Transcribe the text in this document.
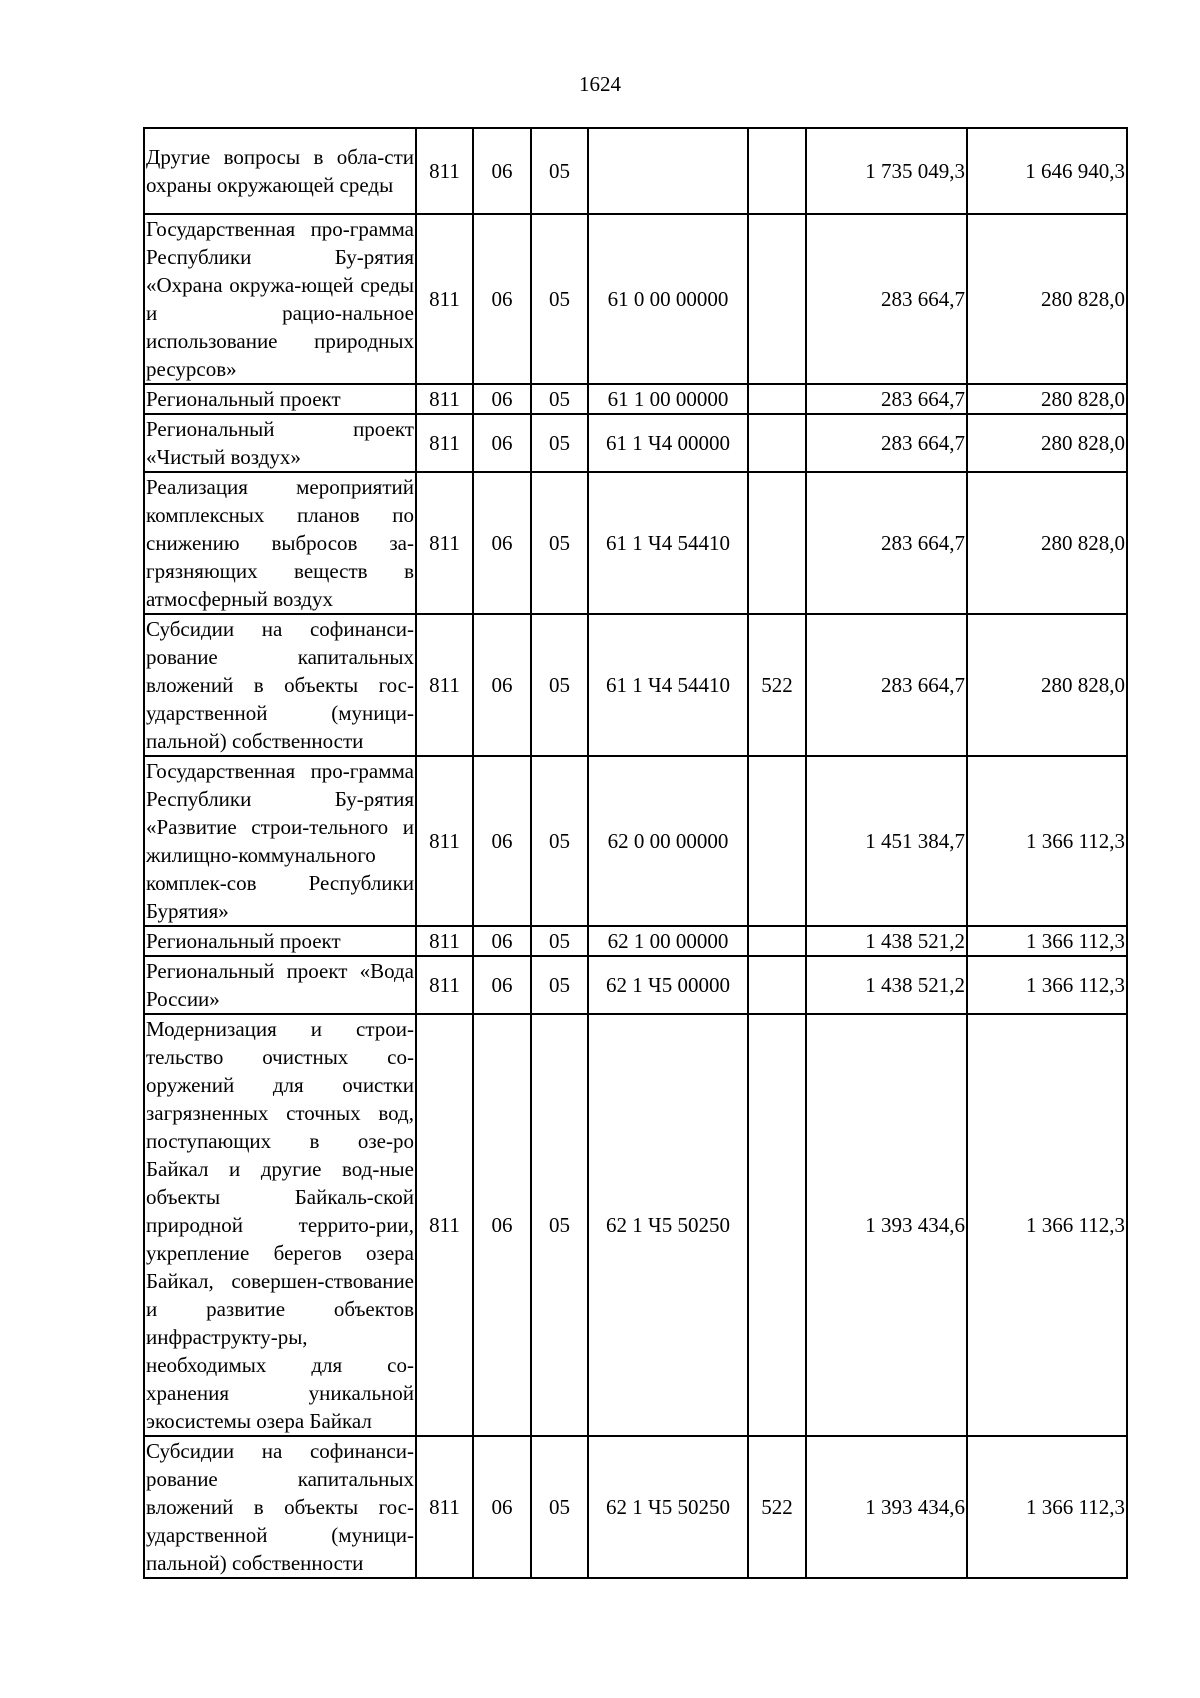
1624
Другие вопросы в обла-сти охраны окружающей среды	811	06	05			1 735 049,3	1 646 940,3
Государственная про-грамма Республики Бу-рятия «Охрана окружа-ющей среды и рацио-нальное использование природных ресурсов»	811	06	05	61 0 00 00000		283 664,7	280 828,0
Региональный проект	811	06	05	61 1 00 00000		283 664,7	280 828,0
Региональный проект «Чистый воздух»	811	06	05	61 1 Ч4 00000		283 664,7	280 828,0
Реализация мероприятий комплексных планов по снижению выбросов за-грязняющих веществ в атмосферный воздух	811	06	05	61 1 Ч4 54410		283 664,7	280 828,0
Субсидии на софинанси-рование капитальных вложений в объекты гос-ударственной (муници-пальной) собственности	811	06	05	61 1 Ч4 54410	522	283 664,7	280 828,0
Государственная про-грамма Республики Бу-рятия «Развитие строи-тельного и жилищно-коммунального комплек-сов Республики Бурятия»	811	06	05	62 0 00 00000		1 451 384,7	1 366 112,3
Региональный проект	811	06	05	62 1 00 00000		1 438 521,2	1 366 112,3
Региональный проект «Вода России»	811	06	05	62 1 Ч5 00000		1 438 521,2	1 366 112,3
Модернизация и строи-тельство очистных со-оружений для очистки загрязненных сточных вод, поступающих в озе-ро Байкал и другие вод-ные объекты Байкаль-ской природной террито-рии, укрепление берегов озера Байкал, совершен-ствование и развитие объектов инфраструкту-ры, необходимых для со-хранения уникальной экосистемы озера Байкал	811	06	05	62 1 Ч5 50250		1 393 434,6	1 366 112,3
Субсидии на софинанси-рование капитальных вложений в объекты гос-ударственной (муници-пальной) собственности	811	06	05	62 1 Ч5 50250	522	1 393 434,6	1 366 112,3
